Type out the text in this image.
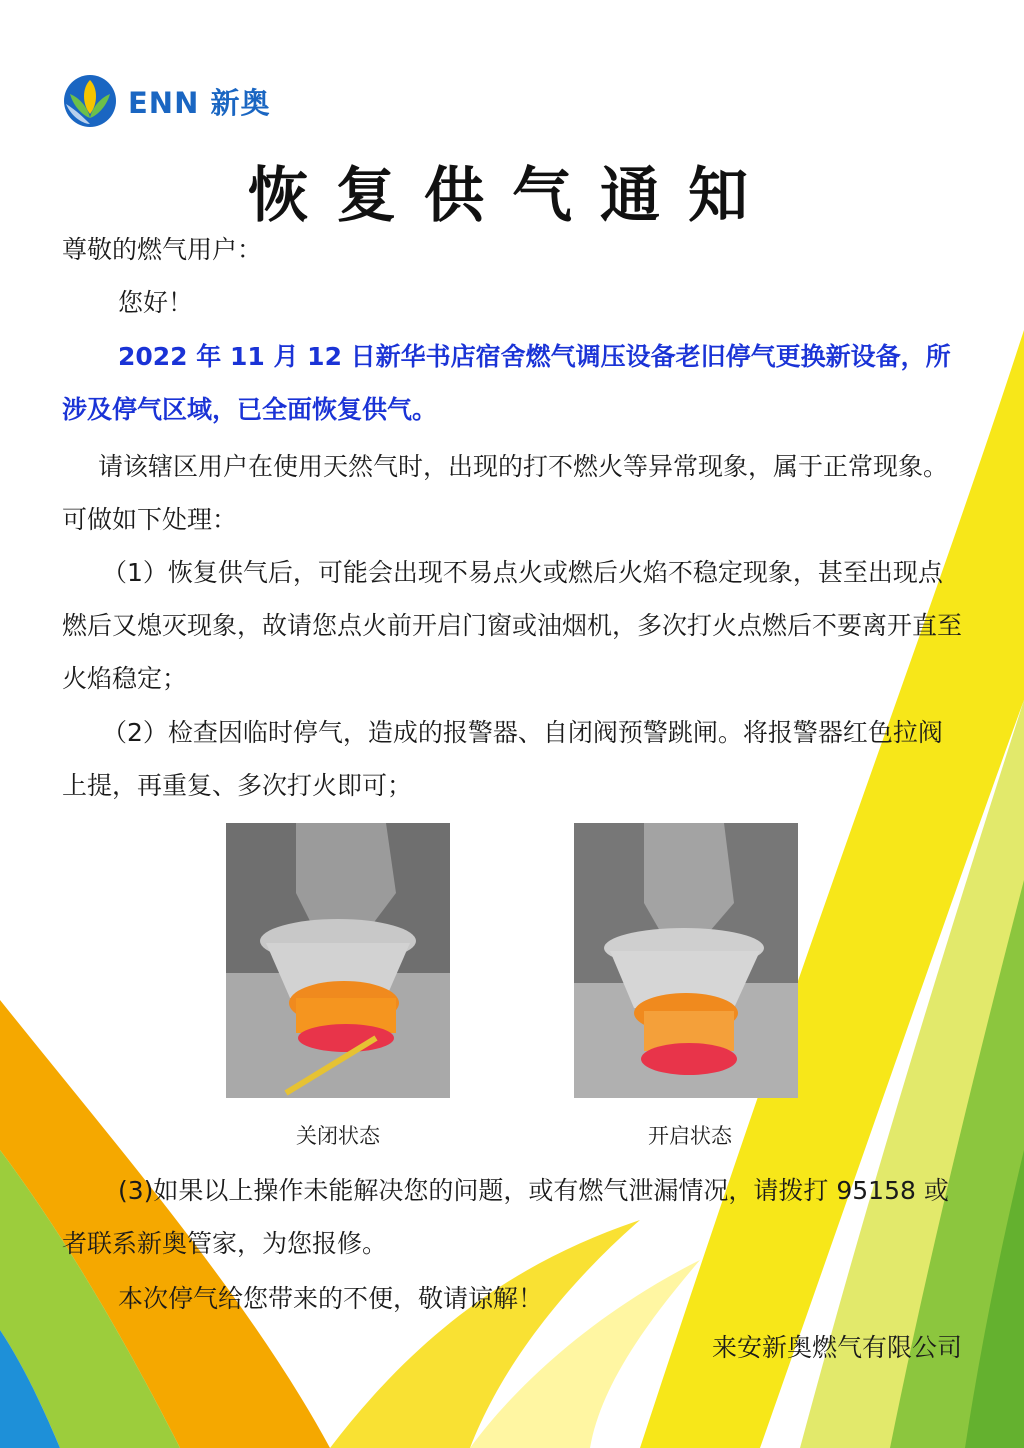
ENN 新奥
恢复供气通知

尊敬的燃气用户：

您好！

2022 年 11 月 12 日新华书店宿舍燃气调压设备老旧停气更换新设备，所涉及停气区域，已全面恢复供气。

请该辖区用户在使用天然气时，出现的打不燃火等异常现象，属于正常现象。可做如下处理：

（1）恢复供气后，可能会出现不易点火或燃后火焰不稳定现象，甚至出现点燃后又熄灭现象，故请您点火前开启门窗或油烟机，多次打火点燃后不要离开直至火焰稳定；

（2）检查因临时停气，造成的报警器、自闭阀预警跳闸。将报警器红色拉阀上提，再重复、多次打火即可；

关闭状态	开启状态

(3)如果以上操作未能解决您的问题，或有燃气泄漏情况，请拨打 95158 或者联系新奥管家，为您报修。

本次停气给您带来的不便，敬请谅解！

来安新奥燃气有限公司
